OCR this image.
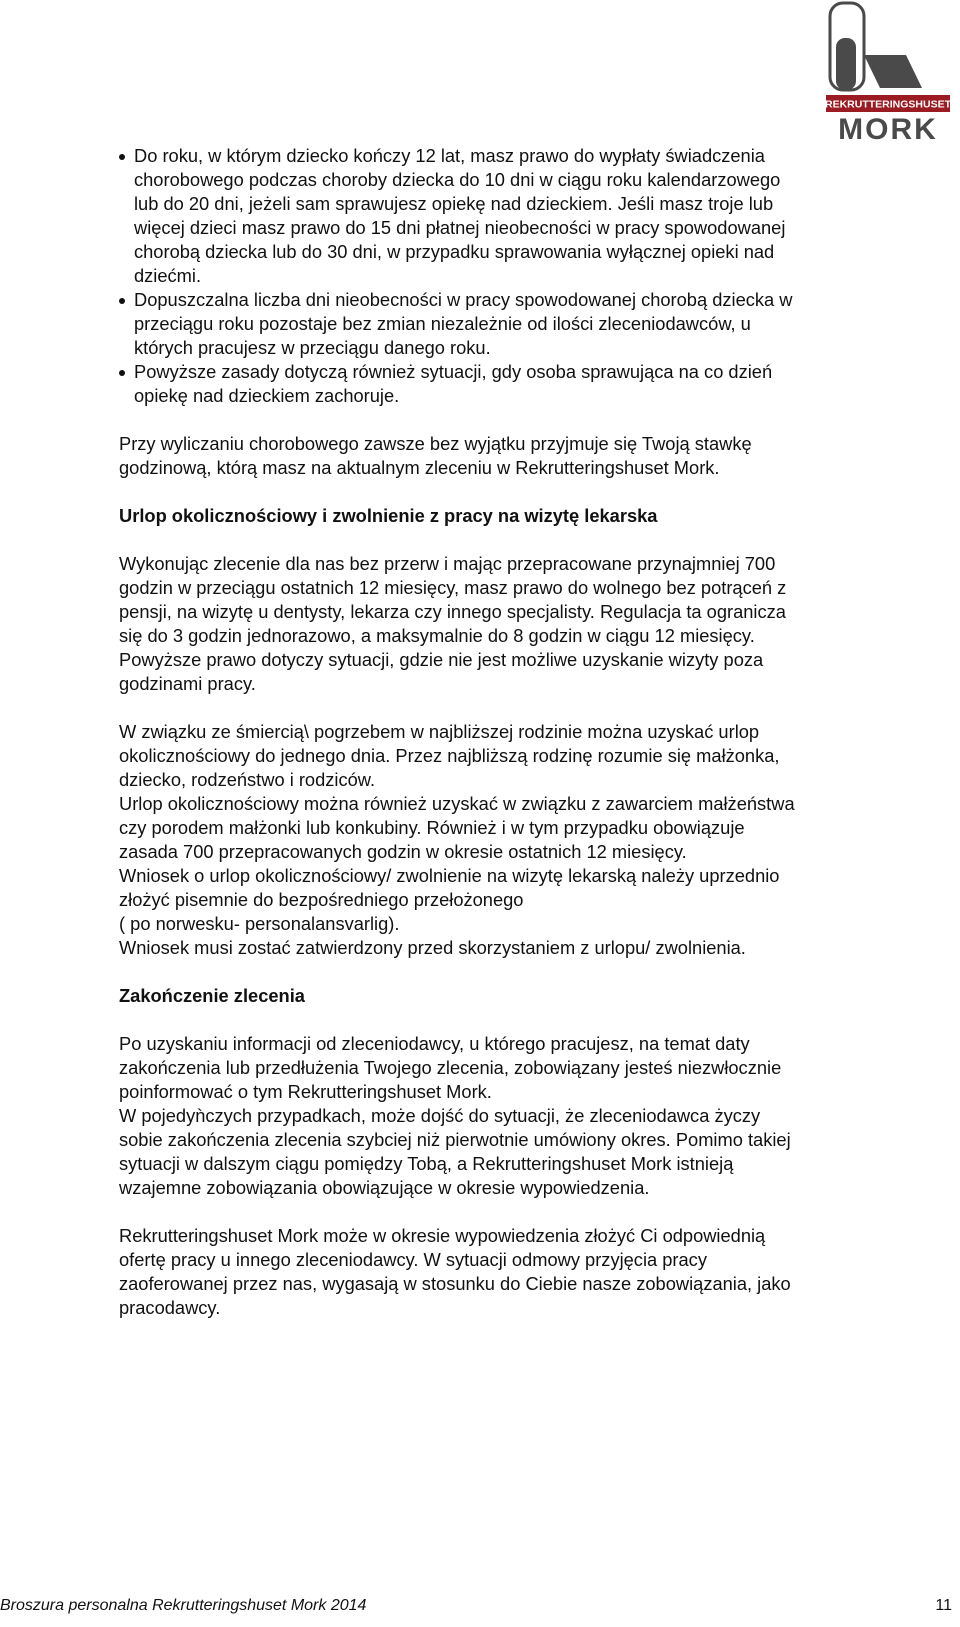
REKRUTTERINGSHUSET
MORK
Do roku, w którym dziecko kończy 12 lat, masz prawo do wypłaty świadczenia chorobowego podczas choroby dziecka do 10 dni w ciągu roku kalendarzowego lub do 20 dni, jeżeli sam sprawujesz opiekę nad dzieckiem. Jeśli masz troje lub więcej dzieci masz prawo do 15 dni płatnej nieobecności w pracy spowodowanej chorobą dziecka lub do 30 dni, w przypadku sprawowania wyłącznej opieki nad dziećmi.
Dopuszczalna liczba dni nieobecności w pracy spowodowanej chorobą dziecka w przeciągu roku pozostaje bez zmian niezależnie od ilości zleceniodawców, u których pracujesz w przeciągu danego roku.
Powyższe zasady dotyczą również sytuacji, gdy osoba sprawująca na co dzień opiekę nad dzieckiem zachoruje.

Przy wyliczaniu chorobowego zawsze bez wyjątku przyjmuje się Twoją stawkę godzinową, którą masz na aktualnym zleceniu w Rekrutteringshuset Mork.

Urlop okolicznościowy i zwolnienie z pracy na wizytę lekarska

Wykonując zlecenie dla nas bez przerw i mając przepracowane przynajmniej 700 godzin w przeciągu ostatnich 12 miesięcy, masz prawo do wolnego bez potrąceń z pensji, na wizytę u dentysty, lekarza czy innego specjalisty. Regulacja ta ogranicza się do 3 godzin jednorazowo, a maksymalnie do 8 godzin w ciągu 12 miesięcy. Powyższe prawo dotyczy sytuacji, gdzie nie jest możliwe uzyskanie wizyty poza godzinami pracy.

W związku ze śmiercią\ pogrzebem w najbliższej rodzinie można uzyskać urlop okolicznościowy do jednego dnia. Przez najbliższą rodzinę rozumie się małżonka, dziecko, rodzeństwo i rodziców.
Urlop okolicznościowy można również uzyskać w związku z zawarciem małżeństwa czy porodem małżonki lub konkubiny. Również i w tym przypadku obowiązuje zasada 700 przepracowanych godzin w okresie ostatnich 12 miesięcy.
Wniosek o urlop okolicznościowy/ zwolnienie na wizytę lekarską należy uprzednio złożyć pisemnie do bezpośredniego przełożonego
( po norwesku- personalansvarlig).
Wniosek musi zostać zatwierdzony przed skorzystaniem z urlopu/ zwolnienia.
Zakończenie zlecenia
Po uzyskaniu informacji od zleceniodawcy, u którego pracujesz, na temat daty zakończenia lub przedłużenia Twojego zlecenia, zobowiązany jesteś niezwłocznie poinformować o tym Rekrutteringshuset Mork.
W pojedyǹczych przypadkach, może dojść do sytuacji, że zleceniodawca życzy sobie zakończenia zlecenia szybciej niż pierwotnie umówiony okres. Pomimo takiej sytuacji w dalszym ciągu pomiędzy Tobą, a Rekrutteringshuset Mork istnieją wzajemne zobowiązania obowiązujące w okresie wypowiedzenia.

Rekrutteringshuset Mork może w okresie wypowiedzenia złożyć Ci odpowiednią ofertę pracy u innego zleceniodawcy. W sytuacji odmowy przyjęcia pracy zaoferowanej przez nas, wygasają w stosunku do Ciebie nasze zobowiązania, jako pracodawcy.

Broszura personalna Rekrutteringshuset Mork 2014	11
